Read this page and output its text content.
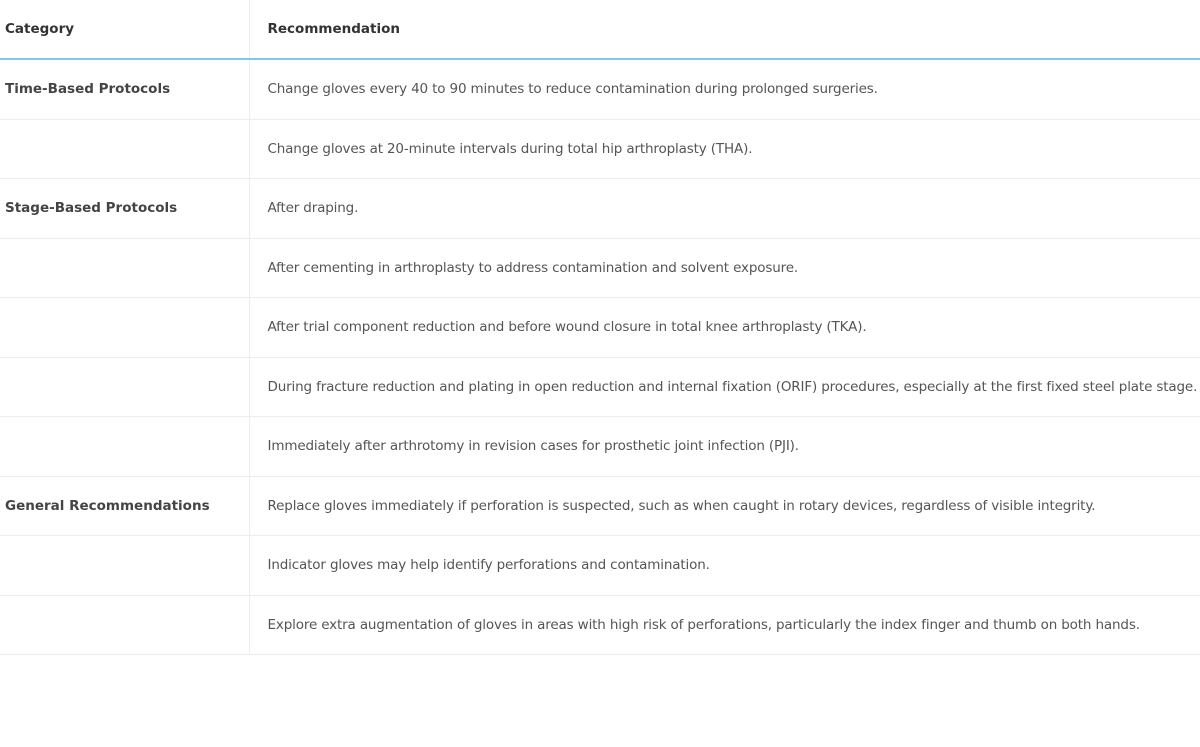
Category	Recommendation
Time-Based Protocols	Change gloves every 40 to 90 minutes to reduce contamination during prolonged surgeries.
	Change gloves at 20-minute intervals during total hip arthroplasty (THA).
Stage-Based Protocols	After draping.
	After cementing in arthroplasty to address contamination and solvent exposure.
	After trial component reduction and before wound closure in total knee arthroplasty (TKA).
	During fracture reduction and plating in open reduction and internal fixation (ORIF) procedures, especially at the first fixed steel plate stage.
	Immediately after arthrotomy in revision cases for prosthetic joint infection (PJI).
General Recommendations	Replace gloves immediately if perforation is suspected, such as when caught in rotary devices, regardless of visible integrity.
	Indicator gloves may help identify perforations and contamination.
	Explore extra augmentation of gloves in areas with high risk of perforations, particularly the index finger and thumb on both hands.
